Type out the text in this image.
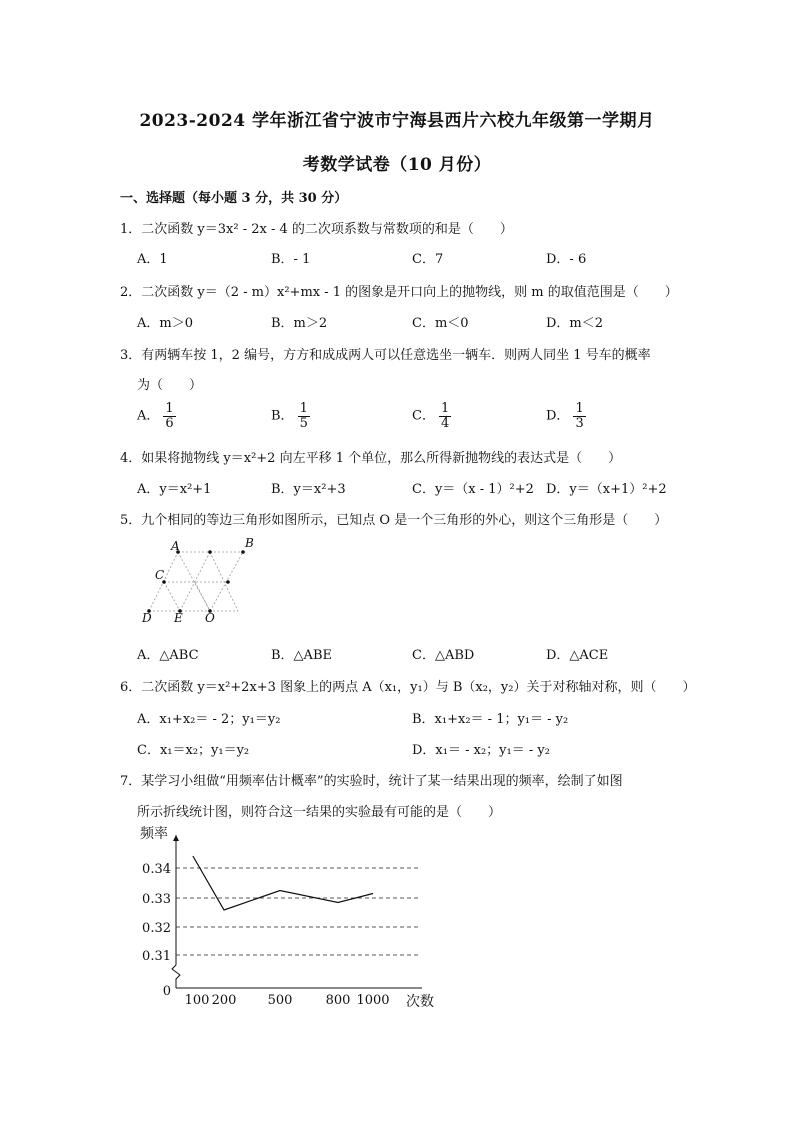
2023-2024 学年浙江省宁波市宁海县西片六校九年级第一学期月
考数学试卷（10 月份）
一、选择题（每小题 3 分，共 30 分）
1．二次函数 y＝3x² - 2x - 4 的二次项系数与常数项的和是（　　）
A．1	B．- 1	C．7	D．- 6
2．二次函数 y＝（2 - m）x²+mx - 1 的图象是开口向上的抛物线，则 m 的取值范围是（　　）
A．m＞0	B．m＞2	C．m＜0	D．m＜2
3．有两辆车按 1，2 编号，方方和成成两人可以任意选坐一辆车．则两人同坐 1 号车的概率
为（　　）
A． $\frac{1}{6}$	B． $\frac{1}{5}$	C． $\frac{1}{4}$	D． $\frac{1}{3}$
4．如果将抛物线 y＝x²+2 向左平移 1 个单位，那么所得新抛物线的表达式是（　　）
A．y＝x²+1	B．y＝x²+3	C．y＝（x - 1）²+2 D．y＝（x+1）²+2
5．九个相同的等边三角形如图所示，已知点 O 是一个三角形的外心，则这个三角形是（　　）
A	B
C
D E O
A．△ABC	B．△ABE	C．△ABD	D．△ACE
6．二次函数 y＝x²+2x+3 图象上的两点 A（x₁，y₁）与 B（x₂，y₂）关于对称轴对称，则（　　）
A．x₁+x₂＝ - 2；y₁＝y₂	B．x₁+x₂＝ - 1；y₁＝ - y₂
C．x₁＝x₂；y₁＝y₂	D．x₁＝ - x₂；y₁＝ - y₂
7．某学习小组做“用频率估计概率”的实验时，统计了某一结果出现的频率，绘制了如图
所示折线统计图，则符合这一结果的实验最有可能的是（　　）
0.34
0.33
0.32
0.31
0
100 200 500	800 1000
频率
次数
